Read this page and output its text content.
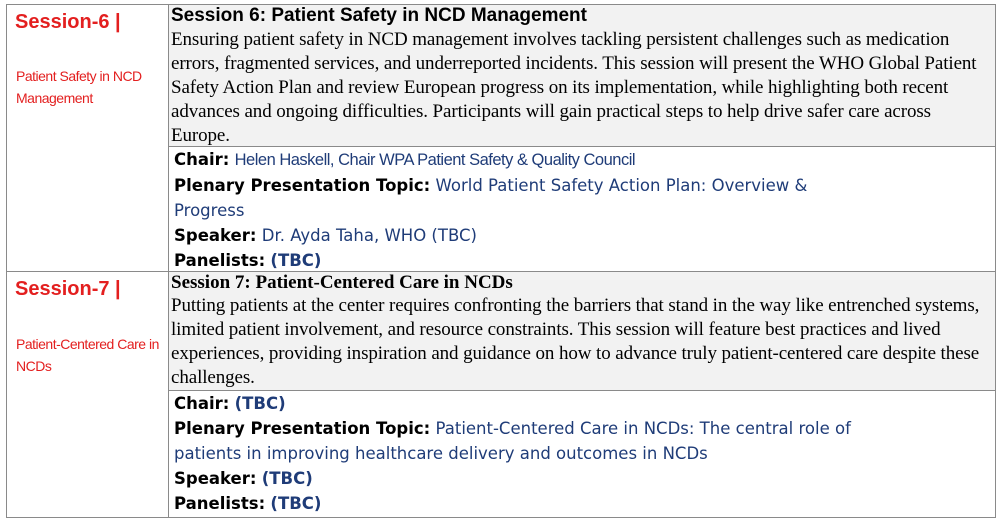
Session-6 |
Patient Safety in NCD Management

Session 6: Patient Safety in NCD Management

Ensuring patient safety in NCD management involves tackling persistent challenges such as medication errors, fragmented services, and underreported incidents. This session will present the WHO Global Patient Safety Action Plan and review European progress on its implementation, while highlighting both recent advances and ongoing difficulties. Participants will gain practical steps to help drive safer care across Europe.

Chair: Helen Haskell, Chair WPA Patient Safety & Quality Council
Plenary Presentation Topic: World Patient Safety Action Plan: Overview &
Progress
Speaker: Dr. Ayda Taha, WHO (TBC)
Panelists: (TBC)
Session-7 |
Patient-Centered Care in NCDs

Session 7: Patient-Centered Care in NCDs

Putting patients at the center requires confronting the barriers that stand in the way like entrenched systems, limited patient involvement, and resource constraints. This session will feature best practices and lived experiences, providing inspiration and guidance on how to advance truly patient-centered care despite these challenges.

Chair: (TBC)
Plenary Presentation Topic: Patient-Centered Care in NCDs: The central role of
patients in improving healthcare delivery and outcomes in NCDs
Speaker: (TBC)
Panelists: (TBC)
